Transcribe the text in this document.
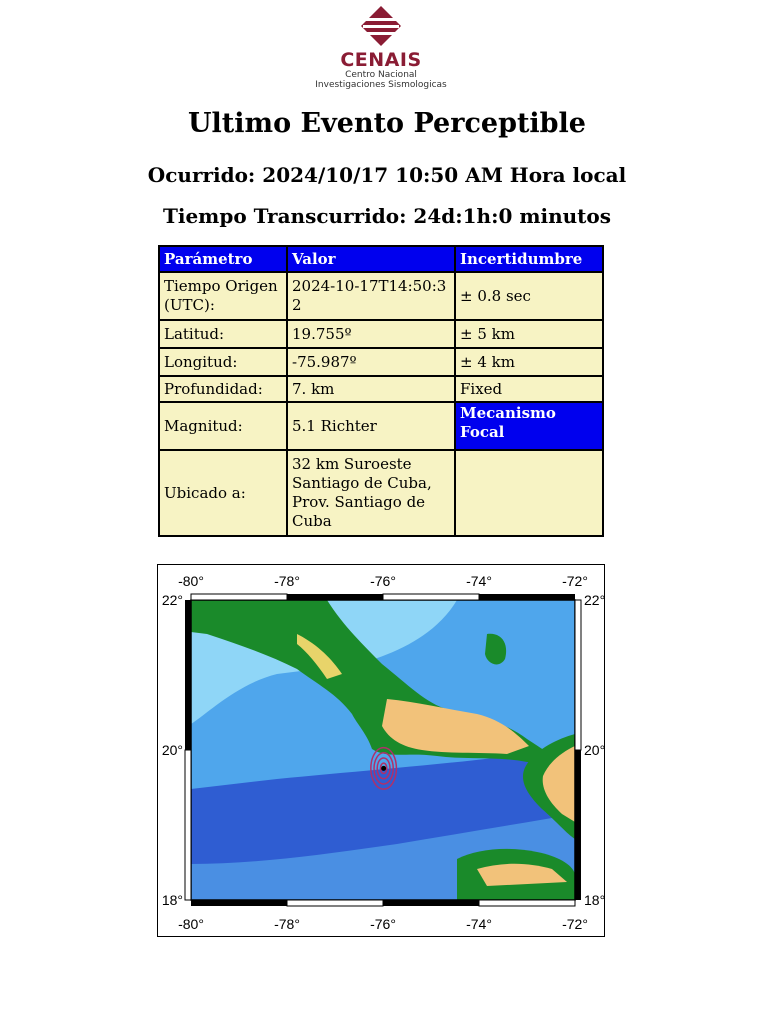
CENAIS
Centro Nacional
Investigaciones Sismologicas
Ultimo Evento Perceptible
Ocurrido: 2024/10/17 10:50 AM Hora local
Tiempo Transcurrido: 24d:1h:0 minutos
Parámetro	Valor	Incertidumbre
Tiempo Origen (UTC):	2024-10-17T14:50:32	± 0.8 sec
Latitud:	19.755º	± 5 km
Longitud:	-75.987º	± 4 km
Profundidad:	7. km	Fixed
Magnitud:	5.1 Richter	Mecanismo Focal
Ubicado a:	32 km Suroeste Santiago de Cuba, Prov. Santiago de Cuba	
-80°	-78°	-76°	-74°	-72°
-80°	-78°	-76°	-74°	-72°
22°
20°
18°
22°
20°
18°
